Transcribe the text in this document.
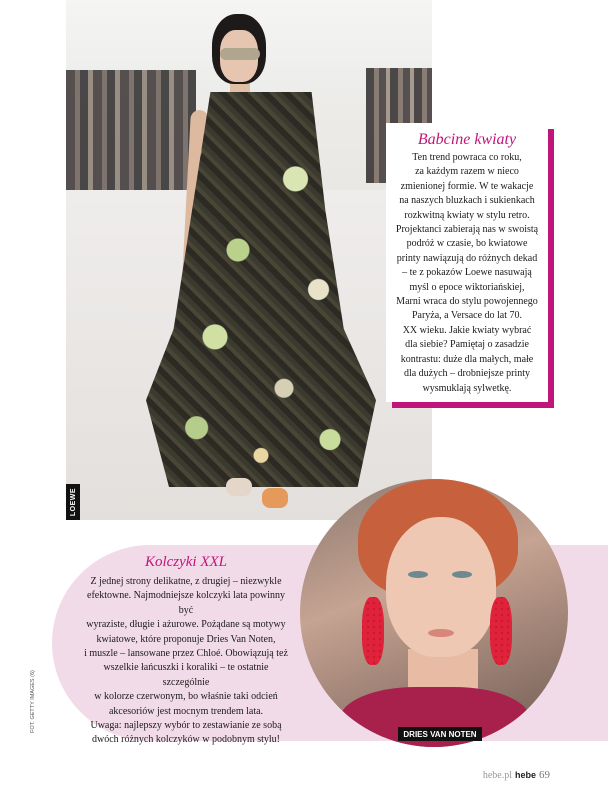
LOEWE
Babcine kwiaty

Ten trend powraca co roku,
za każdym razem w nieco
zmienionej formie. W te wakacje
na naszych bluzkach i sukienkach
rozkwitną kwiaty w stylu retro.
Projektanci zabierają nas w swoistą
podróż w czasie, bo kwiatowe
printy nawiązują do różnych dekad
– te z pokazów Loewe nasuwają
myśl o epoce wiktoriańskiej,
Marni wraca do stylu powojennego
Paryża, a Versace do lat 70.
XX wieku. Jakie kwiaty wybrać
dla siebie? Pamiętaj o zasadzie
kontrastu: duże dla małych, małe
dla dużych – drobniejsze printy
wysmuklają sylwetkę.

Kolczyki XXL

Z jednej strony delikatne, z drugiej – niezwykle
efektowne. Najmodniejsze kolczyki lata powinny być
wyraziste, długie i ażurowe. Pożądane są motywy
kwiatowe, które proponuje Dries Van Noten,
i muszle – lansowane przez Chloé. Obowiązują też
wszelkie łańcuszki i koraliki – te ostatnie szczególnie
w kolorze czerwonym, bo właśnie taki odcień
akcesoriów jest mocnym trendem lata.
Uwaga: najlepszy wybór to zestawianie ze sobą
dwóch różnych kolczyków w podobnym stylu!

DRIES VAN NOTEN
FOT. GETTY IMAGES (6)
hebe.pl hebe 69
